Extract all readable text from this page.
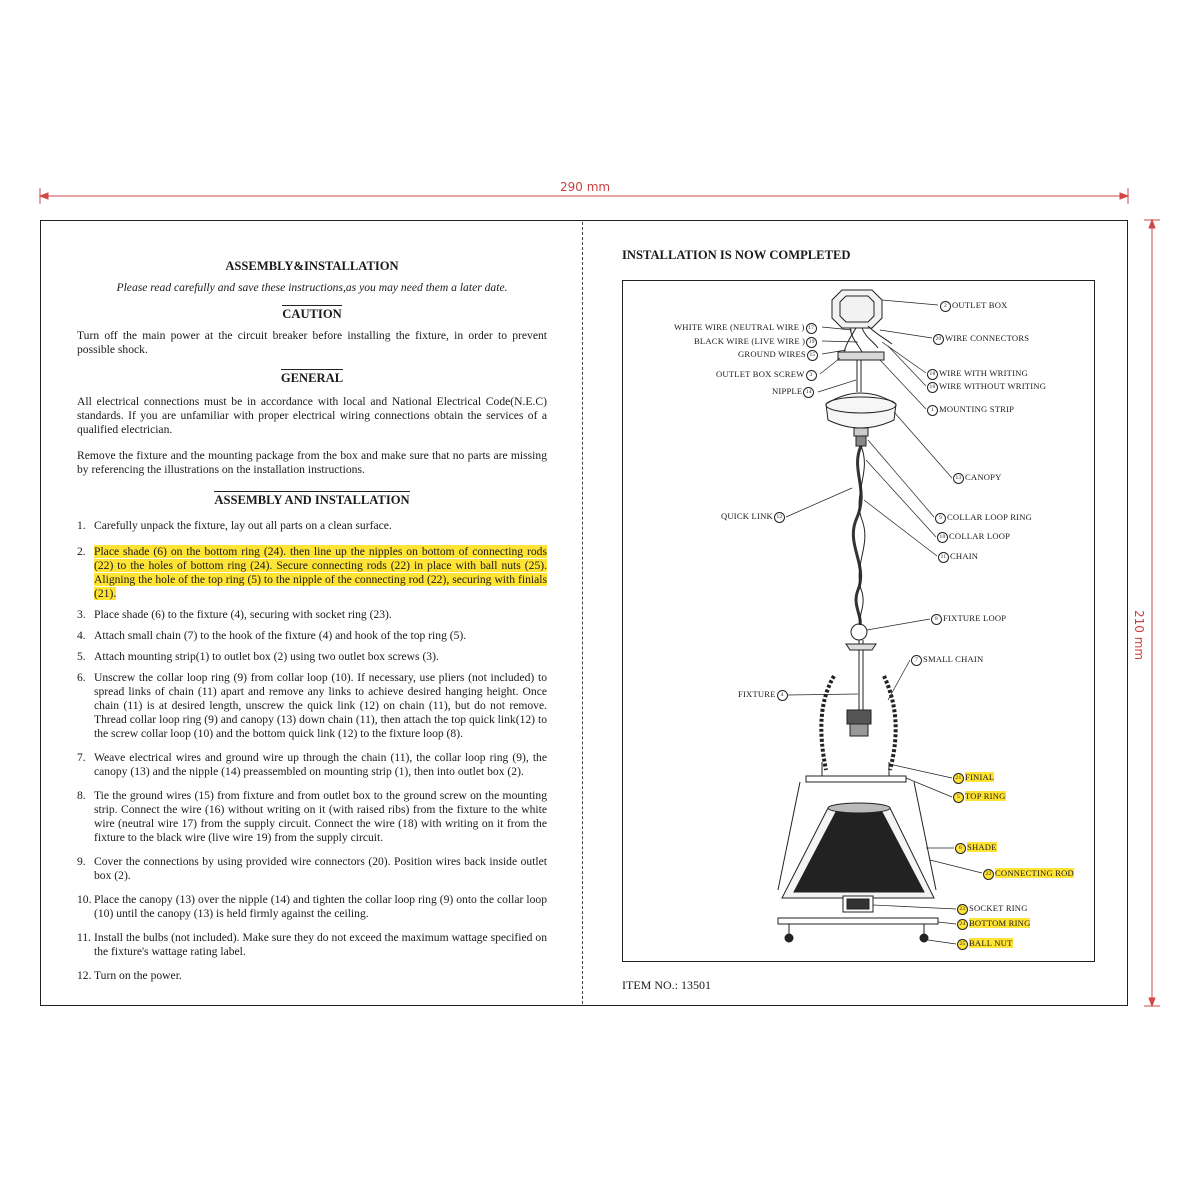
290 mm
210 mm
ASSEMBLY&INSTALLATION
Please read carefully and save these instructions,as you may need them a later date.
CAUTION

Turn off the main power at the circuit breaker before installing the fixture, in order to prevent possible shock.

GENERAL

All electrical connections must be in accordance with local and National Electrical Code(N.E.C) standards. If you are unfamiliar with proper electrical wiring connections obtain the services of a qualified electrician.

Remove the fixture and the mounting package from the box and make sure that no parts are missing by referencing the illustrations on the installation instructions.

ASSEMBLY AND INSTALLATION
1. Carefully unpack the fixture, lay out all parts on a clean surface.
2. Place shade (6) on the bottom ring (24). then line up the nipples on bottom of connecting rods (22) to the holes of bottom ring (24). Secure connecting rods (22) in place with ball nuts (25). Aligning the hole of the top ring (5) to the nipple of the connecting rod (22), securing with finials (21).
3. Place shade (6) to the fixture (4), securing with socket ring (23).
4. Attach small chain (7) to the hook of the fixture (4) and hook of the top ring (5).
5. Attach mounting strip(1) to outlet box (2) using two outlet box screws (3).
6. Unscrew the collar loop ring (9) from collar loop (10). If necessary, use pliers (not included) to spread links of chain (11) apart and remove any links to achieve desired hanging height. Once chain (11) is at desired length, unscrew the quick link (12) on chain (11), but do not remove. Thread collar loop ring (9) and canopy (13) down chain (11), then attach the top quick link(12) to the screw collar loop (10) and the bottom quick link (12) to the fixture loop (8).
7. Weave electrical wires and ground wire up through the chain (11), the collar loop ring (9), the canopy (13) and the nipple (14) preassembled on mounting strip (1), then into outlet box (2).
8. Tie the ground wires (15) from fixture and from outlet box to the ground screw on the mounting strip. Connect the wire (16) without writing on it (with raised ribs) from the fixture to the white wire (neutral wire 17) from the supply circuit. Connect the wire (18) with writing on it from the fixture to the black wire (live wire 19) from the supply circuit.
9. Cover the connections by using provided wire connectors (20). Position wires back inside outlet box (2).
10. Place the canopy (13) over the nipple (14) and tighten the collar loop ring (9) onto the collar loop (10) until the canopy (13) is held firmly against the ceiling.
11. Install the bulbs (not included). Make sure they do not exceed the maximum wattage specified on the fixture's wattage rating label.
12. Turn on the power.
INSTALLATION IS NOW COMPLETED
ITEM NO.: 13501
2 OUTLET BOX
WHITE WIRE (NEUTRAL WIRE ) 17
20 WIRE CONNECTORS
BLACK WIRE (LIVE WIRE ) 19
GROUND WIRES 15
18 WIRE WITH WRITING
OUTLET BOX SCREW 3
16 WIRE WITHOUT WRITING
NIPPLE 14
1 MOUNTING STRIP
13 CANOPY
QUICK LINK 12	9 COLLAR LOOP RING
10 COLLAR LOOP
11 CHAIN
8 FIXTURE LOOP
7 SMALL CHAIN
FIXTURE 4
21 FINIAL
5 TOP RING
6 SHADE
22 CONNECTING ROD
23 SOCKET RING
24 BOTTOM RING
25 BALL NUT
